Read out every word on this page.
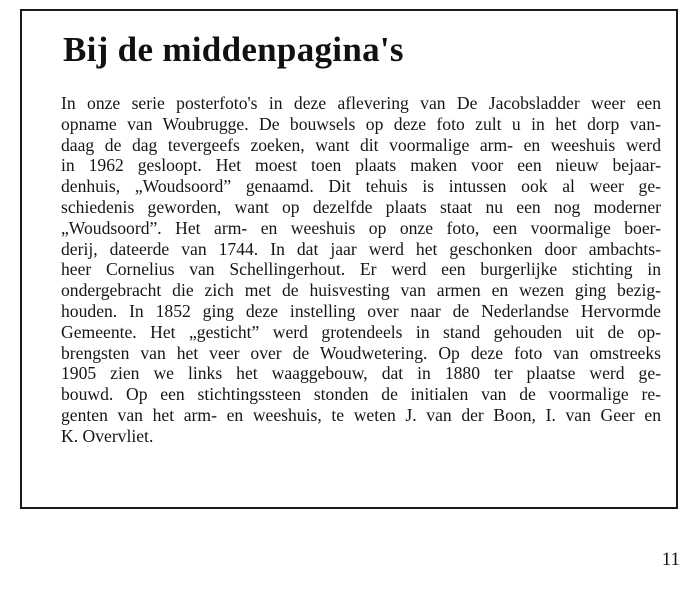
Bij de middenpagina's
In onze serie posterfoto's in deze aflevering van De Jacobsladder weer een
opname van Woubrugge. De bouwsels op deze foto zult u in het dorp van-
daag de dag tevergeefs zoeken, want dit voormalige arm- en weeshuis werd
in 1962 gesloopt. Het moest toen plaats maken voor een nieuw bejaar-
denhuis, „Woudsoord” genaamd. Dit tehuis is intussen ook al weer ge-
schiedenis geworden, want op dezelfde plaats staat nu een nog moderner
„Woudsoord”. Het arm- en weeshuis op onze foto, een voormalige boer-
derij, dateerde van 1744. In dat jaar werd het geschonken door ambachts-
heer Cornelius van Schellingerhout. Er werd een burgerlijke stichting in
ondergebracht die zich met de huisvesting van armen en wezen ging bezig-
houden. In 1852 ging deze instelling over naar de Nederlandse Hervormde
Gemeente. Het „gesticht” werd grotendeels in stand gehouden uit de op-
brengsten van het veer over de Woudwetering. Op deze foto van omstreeks
1905 zien we links het waaggebouw, dat in 1880 ter plaatse werd ge-
bouwd. Op een stichtingssteen stonden de initialen van de voormalige re-
genten van het arm- en weeshuis, te weten J. van der Boon, I. van Geer en
K. Overvliet.
11
